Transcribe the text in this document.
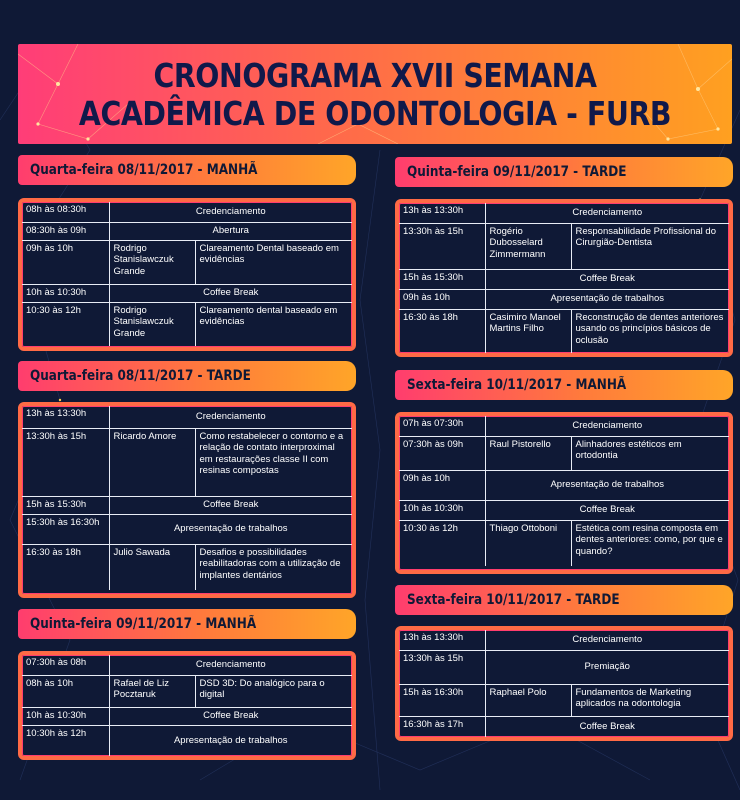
CRONOGRAMA XVII SEMANA
ACADÊMICA DE ODONTOLOGIA - FURB
Quarta-feira 08/11/2017 - MANHÃ
08h às 08:30h	Credenciamento	
08:30h às 09h	Abertura	
09h às 10h	Rodrigo Stanislawczuk Grande	Clareamento Dental baseado em evidências
10h às 10:30h	Coffee Break	
10:30 às 12h	Rodrigo Stanislawczuk Grande	Clareamento dental baseado em evidências
Quarta-feira 08/11/2017 - TARDE
13h às 13:30h	Credenciamento	
13:30h às 15h	Ricardo Amore	Como restabelecer o contorno e a relação de contato interproximal em restaurações classe II com resinas compostas
15h às 15:30h	Coffee Break	
15:30h às 16:30h	Apresentação de trabalhos	
16:30 às 18h	Julio Sawada	Desafios e possibilidades reabilitadoras com a utilização de implantes dentários
Quinta-feira 09/11/2017 - MANHÃ
07:30h às 08h	Credenciamento	
08h às 10h	Rafael de Liz Pocztaruk	DSD 3D: Do analógico para o digital
10h às 10:30h	Coffee Break	
10:30h às 12h	Apresentação de trabalhos	
Quinta-feira 09/11/2017 - TARDE
13h às 13:30h	Credenciamento	
13:30h às 15h	Rogério Dubosselard Zimmermann	Responsabilidade Profissional do Cirurgião-Dentista
15h às 15:30h	Coffee Break	
09h às 10h	Apresentação de trabalhos	
16:30 às 18h	Casimiro Manoel Martins Filho	Reconstrução de dentes anteriores usando os princípios básicos de oclusão
Sexta-feira 10/11/2017 - MANHÃ
07h às 07:30h	Credenciamento	
07:30h às 09h	Raul Pistorello	Alinhadores estéticos em ortodontia
09h às 10h	Apresentação de trabalhos	
10h às 10:30h	Coffee Break	
10:30 às 12h	Thiago Ottoboni	Estética com resina composta em dentes anteriores: como, por que e quando?
Sexta-feira 10/11/2017 - TARDE
13h às 13:30h	Credenciamento	
13:30h às 15h	Premiação	
15h às 16:30h	Raphael Polo	Fundamentos de Marketing aplicados na odontologia
16:30h às 17h	Coffee Break	
